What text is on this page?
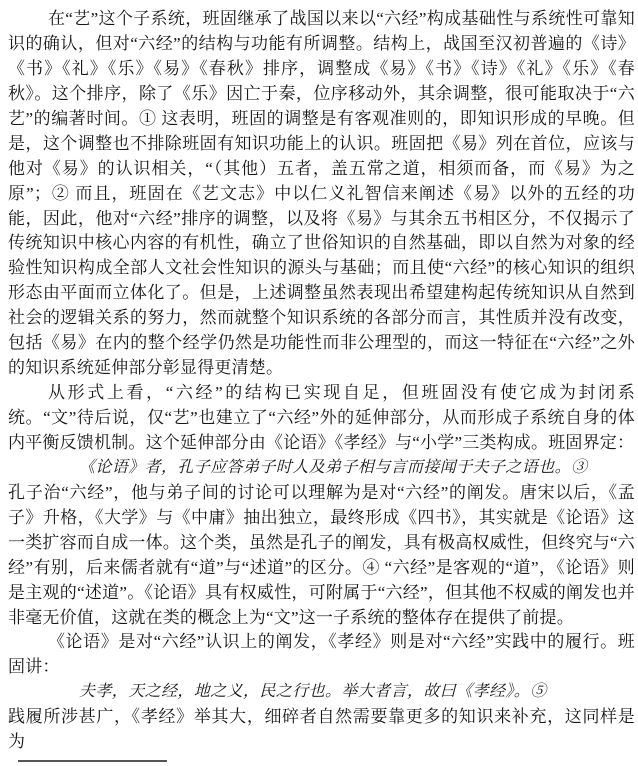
在“艺”这个子系统，班固继承了战国以来以“六经”构成基础性与系统性可靠知识的确认，但对“六经”的结构与功能有所调整。结构上，战国至汉初普遍的《诗》《书》《礼》《乐》《易》《春秋》排序，调整成《易》《书》《诗》《礼》《乐》《春秋》。这个排序，除了《乐》因亡于秦，位序移动外，其余调整，很可能取决于“六艺”的编著时间。① 这表明，班固的调整是有客观准则的，即知识形成的早晚。但是，这个调整也不排除班固有知识功能上的认识。班固把《易》列在首位，应该与他对《易》的认识相关，“（其他）五者，盖五常之道，相须而备，而《易》为之原”；② 而且，班固在《艺文志》中以仁义礼智信来阐述《易》以外的五经的功能，因此，他对“六经”排序的调整，以及将《易》与其余五书相区分，不仅揭示了传统知识中核心内容的有机性，确立了世俗知识的自然基础，即以自然为对象的经验性知识构成全部人文社会性知识的源头与基础；而且使“六经”的核心知识的组织形态由平面而立体化了。但是，上述调整虽然表现出希望建构起传统知识从自然到社会的逻辑关系的努力，然而就整个知识系统的各部分而言，其性质并没有改变，包括《易》在内的整个经学仍然是功能性而非公理型的，而这一特征在“六经”之外的知识系统延伸部分彰显得更清楚。

从形式上看，“六经”的结构已实现自足，但班固没有使它成为封闭系统。“文”待后说，仅“艺”也建立了“六经”外的延伸部分，从而形成子系统自身的体内平衡反馈机制。这个延伸部分由《论语》《孝经》与“小学”三类构成。班固界定：

《论语》者，孔子应答弟子时人及弟子相与言而接闻于夫子之语也。③

孔子治“六经”，他与弟子间的讨论可以理解为是对“六经”的阐发。唐宋以后，《孟子》升格，《大学》与《中庸》抽出独立，最终形成《四书》，其实就是《论语》这一类扩容而自成一体。这个类，虽然是孔子的阐发，具有极高权威性，但终究与“六经”有别，后来儒者就有“道”与“述道”的区分。④ “六经”是客观的“道”，《论语》则是主观的“述道”。《论语》具有权威性，可附属于“六经”，但其他不权威的阐发也并非毫无价值，这就在类的概念上为“文”这一子系统的整体存在提供了前提。

《论语》是对“六经”认识上的阐发，《孝经》则是对“六经”实践中的履行。班固讲：

夫孝，天之经，地之义，民之行也。举大者言，故曰《孝经》。⑤

践履所涉甚广，《孝经》举其大，细碎者自然需要靠更多的知识来补充，这同样是为
